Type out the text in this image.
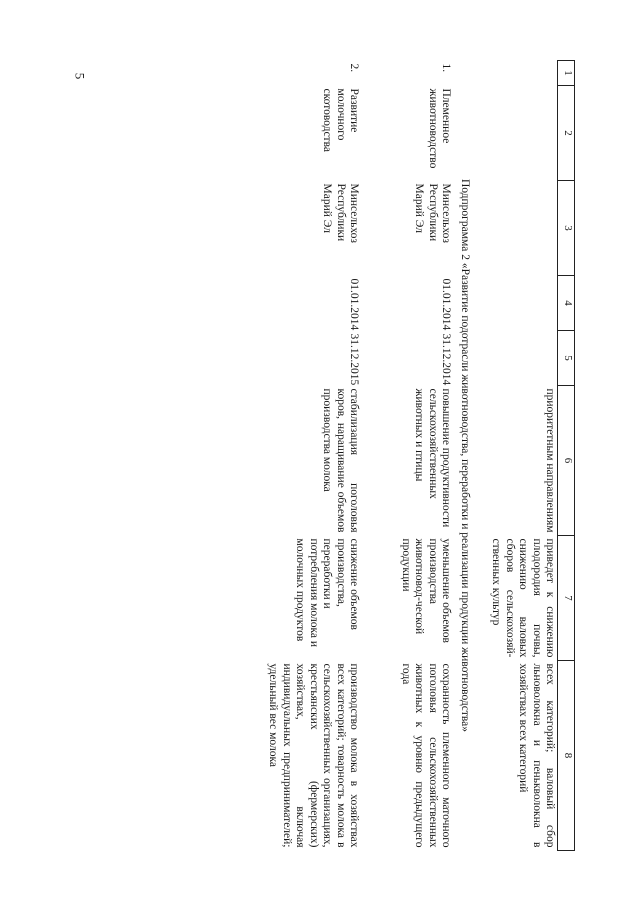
5	1	2	3	4	5	6	7	8
					приоритетным направлениям	приведет к снижению плодородия почвы, снижению валовых сборов сельскохозяй-ственных культур	всех категорий; валовый сбор льноволокна и пенькволокна в хозяйствах всех категорий
Подпрограмма 2 «Развитие подотрасли животноводства, переработки и реализации продукции животноводства»							
1.	Племенное животноводство	Минсельхоз Республики Марий Эл	01.01.2014	31.12.2014	повышение продуктивности сельскохозяйственных животных и птицы	уменьшение объемов производства животновод-ческой продукции	сохранность племенного маточного поголовья сельскохозяйственных животных к уровню предыдущего года
2.	Развитие молочного скотоводства	Минсельхоз Республики Марий Эл	01.01.2014	31.12.2015	стабилизация поголовья коров, наращивание объемов производства молока	снижение объемов производства, переработки и потребления молока и молочных продуктов	производство молока в хозяйствах всех категорий; товарность молока в сельскохозяйственных организациях, крестьянских (фермерских) хозяйствах, включая индивидуальных предпринимателей; удельный вес молока
